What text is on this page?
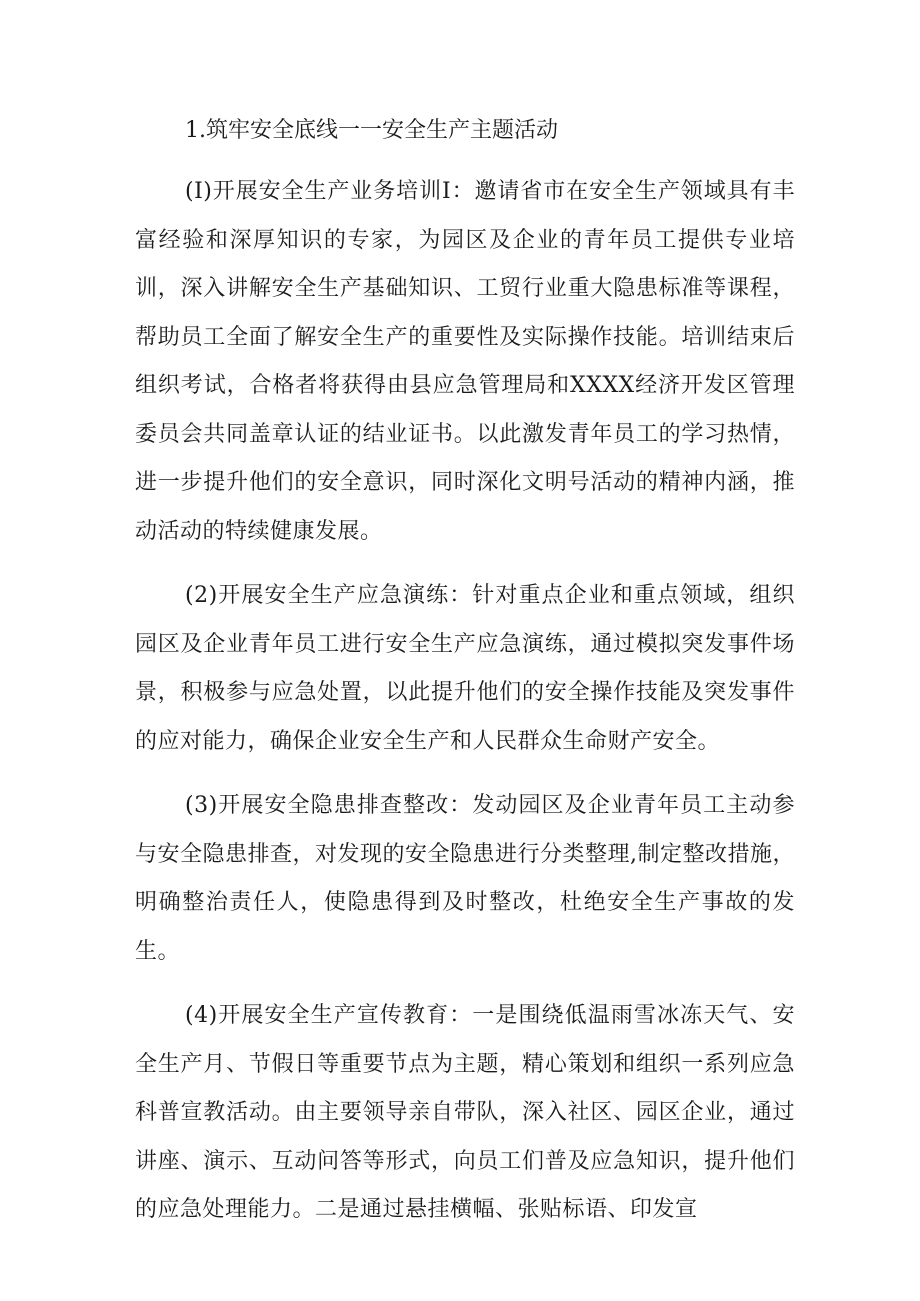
1.筑牢安全底线一一安全生产主题活动

(I)开展安全生产业务培训I：邀请省市在安全生产领域具有丰富经验和深厚知识的专家，为园区及企业的青年员工提供专业培训，深入讲解安全生产基础知识、工贸行业重大隐患标准等课程，帮助员工全面了解安全生产的重要性及实际操作技能。培训结束后组织考试，合格者将获得由县应急管理局和XXXX经济开发区管理委员会共同盖章认证的结业证书。以此激发青年员工的学习热情，进一步提升他们的安全意识，同时深化文明号活动的精神内涵，推动活动的特续健康发展。

(2)开展安全生产应急演练：针对重点企业和重点领域，组织园区及企业青年员工进行安全生产应急演练，通过模拟突发事件场景，积极参与应急处置，以此提升他们的安全操作技能及突发事件的应对能力，确保企业安全生产和人民群众生命财产安全。

(3)开展安全隐患排查整改：发动园区及企业青年员工主动参与安全隐患排查，对发现的安全隐患进行分类整理,制定整改措施，明确整治责任人，使隐患得到及时整改，杜绝安全生产事故的发生。

(4)开展安全生产宣传教育：一是围绕低温雨雪冰冻天气、安全生产月、节假日等重要节点为主题，精心策划和组织一系列应急科普宣教活动。由主要领导亲自带队，深入社区、园区企业，通过讲座、演示、互动问答等形式，向员工们普及应急知识，提升他们的应急处理能力。二是通过悬挂横幅、张贴标语、印发宣
